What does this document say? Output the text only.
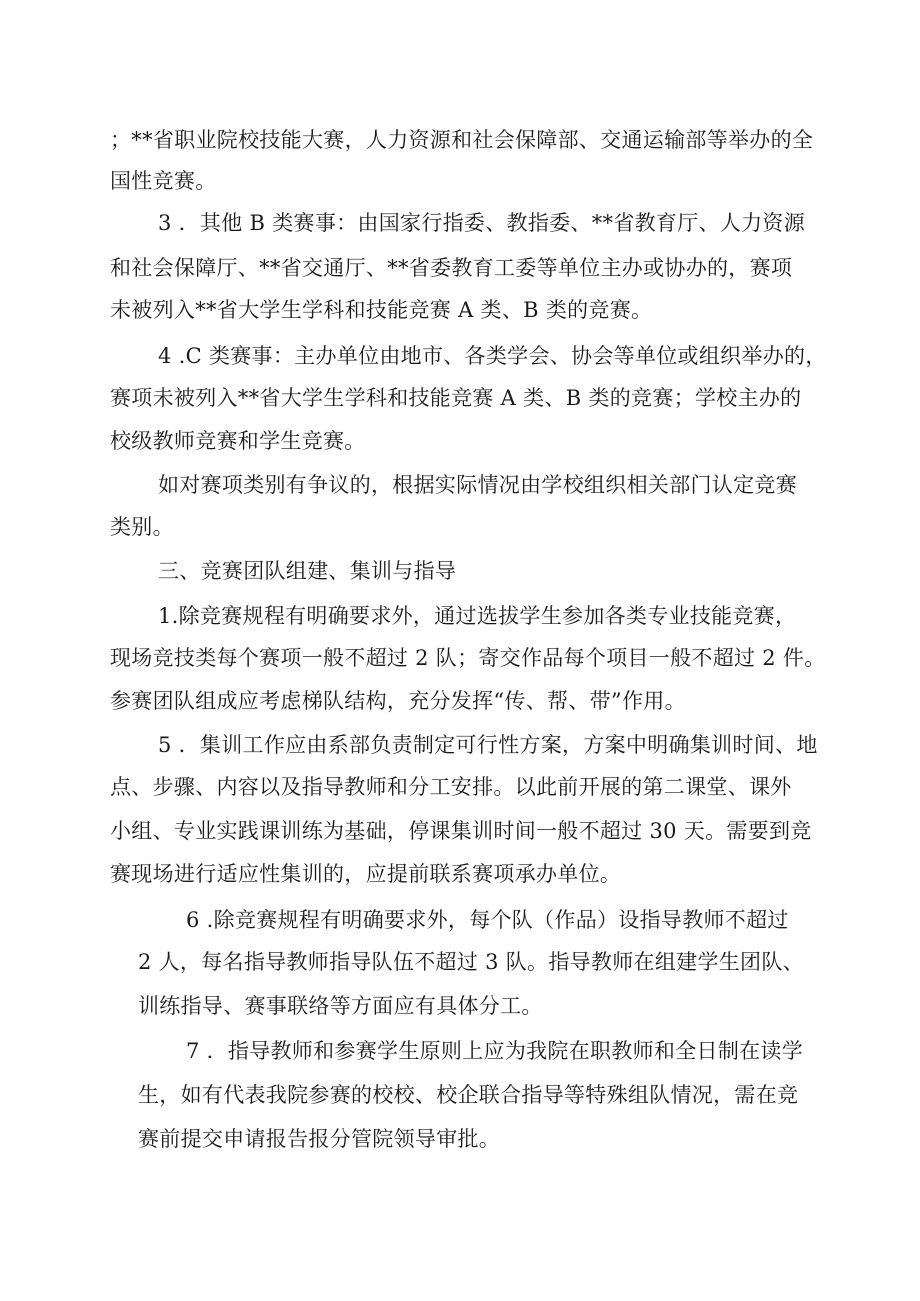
；**省职业院校技能大赛，人力资源和社会保障部、交通运输部等举办的全
国性竞赛。
3 ．其他 B 类赛事：由国家行指委、教指委、**省教育厅、人力资源
和社会保障厅、**省交通厅、**省委教育工委等单位主办或协办的，赛项
未被列入**省大学生学科和技能竞赛 A 类、B 类的竞赛。
4 .C 类赛事：主办单位由地市、各类学会、协会等单位或组织举办的，
赛项未被列入**省大学生学科和技能竞赛 A 类、B 类的竞赛；学校主办的
校级教师竞赛和学生竞赛。
如对赛项类别有争议的，根据实际情况由学校组织相关部门认定竞赛
类别。
三、竞赛团队组建、集训与指导
1.除竞赛规程有明确要求外，通过选拔学生参加各类专业技能竞赛，
现场竞技类每个赛项一般不超过 2 队；寄交作品每个项目一般不超过 2 件。
参赛团队组成应考虑梯队结构，充分发挥“传、帮、带”作用。
5 ．集训工作应由系部负责制定可行性方案，方案中明确集训时间、地
点、步骤、内容以及指导教师和分工安排。以此前开展的第二课堂、课外
小组、专业实践课训练为基础，停课集训时间一般不超过 30 天。需要到竞
赛现场进行适应性集训的，应提前联系赛项承办单位。
6 .除竞赛规程有明确要求外，每个队（作品）设指导教师不超过
2 人，每名指导教师指导队伍不超过 3 队。指导教师在组建学生团队、
训练指导、赛事联络等方面应有具体分工。
7 ．指导教师和参赛学生原则上应为我院在职教师和全日制在读学
生，如有代表我院参赛的校校、校企联合指导等特殊组队情况，需在竞
赛前提交申请报告报分管院领导审批。
